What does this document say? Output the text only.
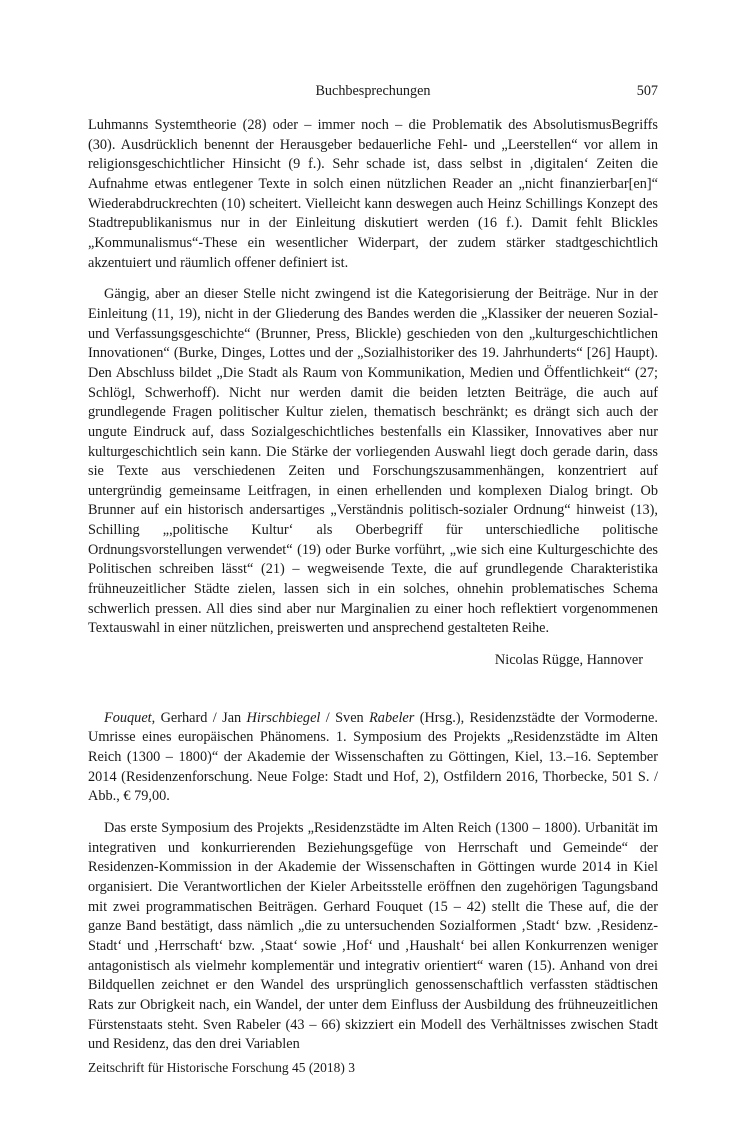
Buchbesprechungen	507

Luhmanns Systemtheorie (28) oder – immer noch – die Problematik des AbsolutismusBegriffs (30). Ausdrücklich benennt der Herausgeber bedauerliche Fehl- und „Leerstellen“ vor allem in religionsgeschichtlicher Hinsicht (9 f.). Sehr schade ist, dass selbst in ‚digitalen‘ Zeiten die Aufnahme etwas entlegener Texte in solch einen nützlichen Reader an „nicht finanzierbar[en]“ Wiederabdruckrechten (10) scheitert. Vielleicht kann deswegen auch Heinz Schillings Konzept des Stadtrepublikanismus nur in der Einleitung diskutiert werden (16 f.). Damit fehlt Blickles „Kommunalismus“-These ein wesentlicher Widerpart, der zudem stärker stadtgeschichtlich akzentuiert und räumlich offener definiert ist.

Gängig, aber an dieser Stelle nicht zwingend ist die Kategorisierung der Beiträge. Nur in der Einleitung (11, 19), nicht in der Gliederung des Bandes werden die „Klassiker der neueren Sozial- und Verfassungsgeschichte“ (Brunner, Press, Blickle) geschieden von den „kulturgeschichtlichen Innovationen“ (Burke, Dinges, Lottes und der „Sozialhistoriker des 19. Jahrhunderts“ [26] Haupt). Den Abschluss bildet „Die Stadt als Raum von Kommunikation, Medien und Öffentlichkeit“ (27; Schlögl, Schwerhoff). Nicht nur werden damit die beiden letzten Beiträge, die auch auf grundlegende Fragen politischer Kultur zielen, thematisch beschränkt; es drängt sich auch der ungute Eindruck auf, dass Sozialgeschichtliches bestenfalls ein Klassiker, Innovatives aber nur kulturgeschichtlich sein kann. Die Stärke der vorliegenden Auswahl liegt doch gerade darin, dass sie Texte aus verschiedenen Zeiten und Forschungszusammenhängen, konzentriert auf untergründig gemeinsame Leitfragen, in einen erhellenden und komplexen Dialog bringt. Ob Brunner auf ein historisch andersartiges „Verständnis politisch-sozialer Ordnung“ hinweist (13), Schilling „,politische Kultur‘ als Oberbegriff für unterschiedliche politische Ordnungsvorstellungen verwendet“ (19) oder Burke vorführt, „wie sich eine Kulturgeschichte des Politischen schreiben lässt“ (21) – wegweisende Texte, die auf grundlegende Charakteristika frühneuzeitlicher Städte zielen, lassen sich in ein solches, ohnehin problematisches Schema schwerlich pressen. All dies sind aber nur Marginalien zu einer hoch reflektiert vorgenommenen Textauswahl in einer nützlichen, preiswerten und ansprechend gestalteten Reihe.

Nicolas Rügge, Hannover

Fouquet, Gerhard / Jan Hirschbiegel / Sven Rabeler (Hrsg.), Residenzstädte der Vormoderne. Umrisse eines europäischen Phänomens. 1. Symposium des Projekts „Residenzstädte im Alten Reich (1300 – 1800)“ der Akademie der Wissenschaften zu Göttingen, Kiel, 13.–16. September 2014 (Residenzenforschung. Neue Folge: Stadt und Hof, 2), Ostfildern 2016, Thorbecke, 501 S. / Abb., € 79,00.

Das erste Symposium des Projekts „Residenzstädte im Alten Reich (1300 – 1800). Urbanität im integrativen und konkurrierenden Beziehungsgefüge von Herrschaft und Gemeinde“ der Residenzen-Kommission in der Akademie der Wissenschaften in Göttingen wurde 2014 in Kiel organisiert. Die Verantwortlichen der Kieler Arbeitsstelle eröffnen den zugehörigen Tagungsband mit zwei programmatischen Beiträgen. Gerhard Fouquet (15 – 42) stellt die These auf, die der ganze Band bestätigt, dass nämlich „die zu untersuchenden Sozialformen ‚Stadt‘ bzw. ‚Residenz-Stadt‘ und ‚Herrschaft‘ bzw. ‚Staat‘ sowie ‚Hof‘ und ‚Haushalt‘ bei allen Konkurrenzen weniger antagonistisch als vielmehr komplementär und integrativ orientiert“ waren (15). Anhand von drei Bildquellen zeichnet er den Wandel des ursprünglich genossenschaftlich verfassten städtischen Rats zur Obrigkeit nach, ein Wandel, der unter dem Einfluss der Ausbildung des frühneuzeitlichen Fürstenstaats steht. Sven Rabeler (43 – 66) skizziert ein Modell des Verhältnisses zwischen Stadt und Residenz, das den drei Variablen

Zeitschrift für Historische Forschung 45 (2018) 3
